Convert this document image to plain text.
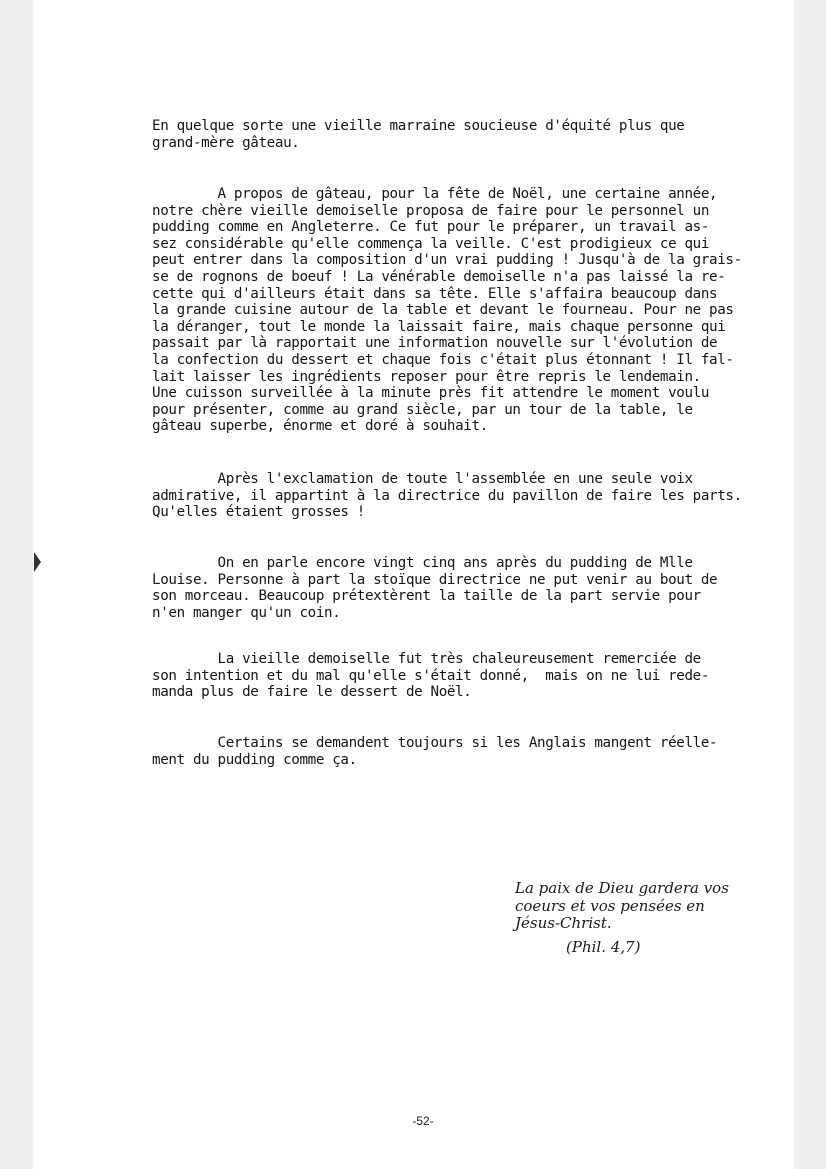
En quelque sorte une vieille marraine soucieuse d'équité plus que
grand-mère gâteau.
A propos de gâteau, pour la fête de Noël, une certaine année,
notre chère vieille demoiselle proposa de faire pour le personnel un
pudding comme en Angleterre. Ce fut pour le préparer, un travail as-
sez considérable qu'elle commença la veille. C'est prodigieux ce qui
peut entrer dans la composition d'un vrai pudding ! Jusqu'à de la grais-
se de rognons de boeuf ! La vénérable demoiselle n'a pas laissé la re-
cette qui d'ailleurs était dans sa tête. Elle s'affaira beaucoup dans
la grande cuisine autour de la table et devant le fourneau. Pour ne pas
la déranger, tout le monde la laissait faire, mais chaque personne qui
passait par là rapportait une information nouvelle sur l'évolution de
la confection du dessert et chaque fois c'était plus étonnant ! Il fal-
lait laisser les ingrédients reposer pour être repris le lendemain.
Une cuisson surveillée à la minute près fit attendre le moment voulu
pour présenter, comme au grand siècle, par un tour de la table, le
gâteau superbe, énorme et doré à souhait.
Après l'exclamation de toute l'assemblée en une seule voix
admirative, il appartint à la directrice du pavillon de faire les parts.
Qu'elles étaient grosses !
On en parle encore vingt cinq ans après du pudding de Mlle
Louise. Personne à part la stoïque directrice ne put venir au bout de
son morceau. Beaucoup prétextèrent la taille de la part servie pour
n'en manger qu'un coin.
La vieille demoiselle fut très chaleureusement remerciée de
son intention et du mal qu'elle s'était donné,  mais on ne lui rede-
manda plus de faire le dessert de Noël.
Certains se demandent toujours si les Anglais mangent réelle-
ment du pudding comme ça.
La paix de Dieu gardera vos
coeurs et vos pensées en
Jésus-Christ.
(Phil. 4,7)
-52-
